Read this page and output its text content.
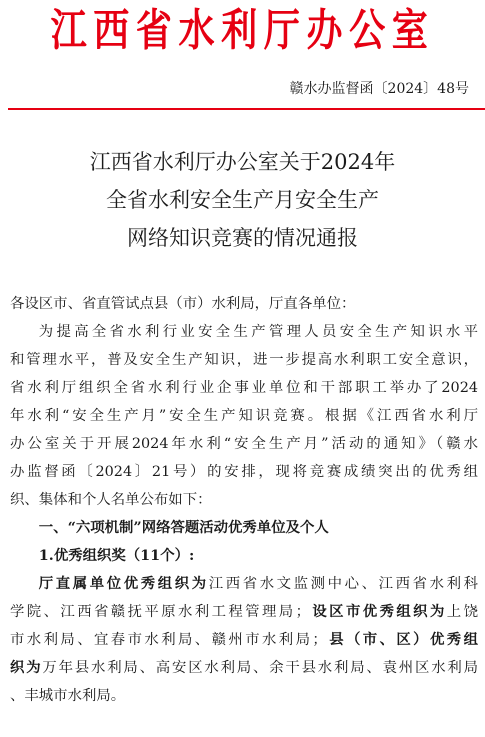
江西省水利厅办公室
赣水办监督函〔2024〕48号
江西省水利厅办公室关于2024年
全省水利安全生产月安全生产
网络知识竞赛的情况通报

各设区市、省直管试点县（市）水利局，厅直各单位：

为提高全省水利行业安全生产管理人员安全生产知识水平

和管理水平，普及安全生产知识，进一步提高水利职工安全意识，

省水利厅组织全省水利行业企事业单位和干部职工举办了2024

年水利“安全生产月”安全生产知识竞赛。根据《江西省水利厅

办公室关于开展2024年水利“安全生产月”活动的通知》（赣水

办监督函〔2024〕21号）的安排，现将竞赛成绩突出的优秀组

织、集体和个人名单公布如下：

一、“六项机制”网络答题活动优秀单位及个人

1.优秀组织奖（11个）:

厅直属单位优秀组织为江西省水文监测中心、江西省水利科

学院、江西省赣抚平原水利工程管理局；设区市优秀组织为上饶

市水利局、宜春市水利局、赣州市水利局；县（市、区）优秀组

织为万年县水利局、高安区水利局、余干县水利局、袁州区水利局

、丰城市水利局。
